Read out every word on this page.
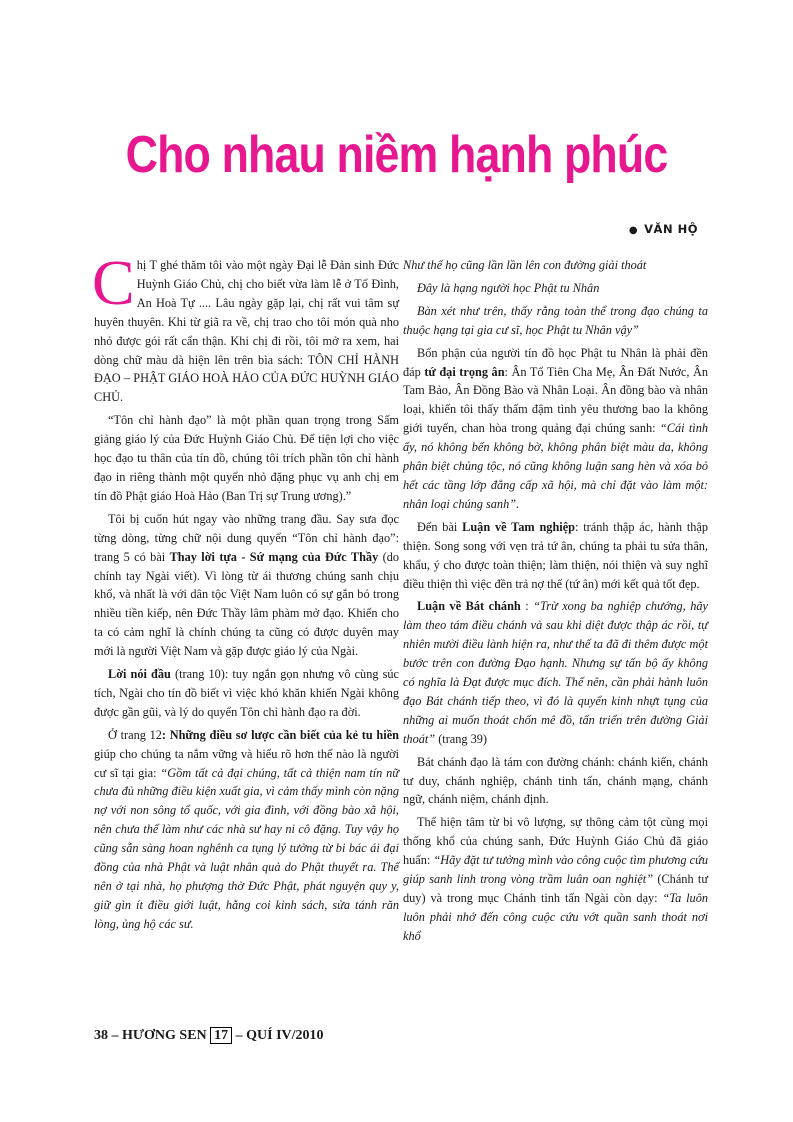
Cho nhau niềm hạnh phúc
● VĂN HỘ

Chị T ghé thăm tôi vào một ngày Đại lễ Đản sinh Đức Huỳnh Giáo Chủ, chị cho biết vừa làm lễ ở Tổ Đình, An Hoà Tự .... Lâu ngày gặp lại, chị rất vui tâm sự huyên thuyên. Khi từ giã ra về, chị trao cho tôi món quà nho nhỏ được gói rất cẩn thận. Khi chị đi rồi, tôi mở ra xem, hai dòng chữ màu dà hiện lên trên bìa sách: TÔN CHỈ HÀNH ĐẠO – PHẬT GIÁO HOÀ HẢO CỦA ĐỨC HUỲNH GIÁO CHỦ.

“Tôn chỉ hành đạo” là một phần quan trọng trong Sấm giảng giáo lý của Đức Huỳnh Giáo Chủ. Để tiện lợi cho việc học đạo tu thân của tín đồ, chúng tôi trích phần tôn chỉ hành đạo in riêng thành một quyển nhỏ đặng phục vụ anh chị em tín đồ Phật giáo Hoà Hảo (Ban Trị sự Trung ương).”

Tôi bị cuốn hút ngay vào những trang đầu. Say sưa đọc từng dòng, từng chữ nội dung quyển “Tôn chỉ hành đạo”: trang 5 có bài Thay lời tựa - Sứ mạng của Đức Thầy (do chính tay Ngài viết). Vì lòng từ ái thương chúng sanh chịu khổ, và nhất là với dân tộc Việt Nam luôn có sự gắn bó trong nhiều tiền kiếp, nên Đức Thầy lâm phàm mở đạo. Khiến cho ta có cảm nghĩ là chính chúng ta cũng có được duyên may mới là người Việt Nam và gặp được giáo lý của Ngài.

Lời nói đầu (trang 10): tuy ngắn gọn nhưng vô cùng súc tích, Ngài cho tín đồ biết vì việc khó khăn khiến Ngài không được gần gũi, và lý do quyển Tôn chỉ hành đạo ra đời.

Ở trang 12: Những điều sơ lược cần biết của kẻ tu hiền giúp cho chúng ta nắm vững và hiểu rõ hơn thế nào là người cư sĩ tại gia: “Gồm tất cả đại chúng, tất cả thiện nam tín nữ chưa đủ những điều kiện xuất gia, vì cảm thấy mình còn nặng nợ với non sông tổ quốc, với gia đình, với đồng bào xã hội, nên chưa thể làm như các nhà sư hay ni cô đặng. Tuy vậy họ cũng sẵn sàng hoan nghênh ca tụng lý tưởng từ bi bác ái đại đồng của nhà Phật và luật nhân quả do Phật thuyết ra. Thế nên ở tại nhà, họ phượng thờ Đức Phật, phát nguyện quy y, giữ gìn ít điều giới luật, hằng coi kinh sách, sửa tánh răn lòng, ủng hộ các sư.

Như thế họ cũng lần lần lên con đường giải thoát

Đây là hạng người học Phật tu Nhân

Bàn xét như trên, thấy rằng toàn thể trong đạo chúng ta thuộc hạng tại gia cư sĩ, học Phật tu Nhân vậy”

Bổn phận của người tín đồ học Phật tu Nhân là phải đền đáp tứ đại trọng ân: Ân Tổ Tiên Cha Mẹ, Ân Đất Nước, Ân Tam Bảo, Ân Đồng Bào và Nhân Loại. Ân đồng bào và nhân loại, khiến tôi thấy thấm đậm tình yêu thương bao la không giới tuyến, chan hòa trong quảng đại chúng sanh: “Cái tình ấy, nó không bến không bờ, không phân biệt màu da, không phân biệt chủng tộc, nó cũng không luận sang hèn và xóa bỏ hết các tầng lớp đẳng cấp xã hội, mà chỉ đặt vào làm một: nhân loại chúng sanh”.

Đến bài Luận về Tam nghiệp: tránh thập ác, hành thập thiện. Song song với vẹn trả tứ ân, chúng ta phải tu sửa thân, khẩu, ý cho được toàn thiện; làm thiện, nói thiện và suy nghĩ điều thiện thì việc đền trả nợ thế (tứ ân) mới kết quả tốt đẹp.

Luận về Bát chánh : “Trừ xong ba nghiệp chướng, hãy làm theo tám điều chánh và sau khi diệt được thập ác rồi, tự nhiên mười điều lành hiện ra, như thế ta đã đi thêm được một bước trên con đường Đạo hạnh. Nhưng sự tấn bộ ấy không có nghĩa là Đạt được mục đích. Thế nên, cần phải hành luôn đạo Bát chánh tiếp theo, vì đó là quyển kinh nhựt tụng của những ai muốn thoát chốn mê đồ, tấn triển trên đường Giải thoát” (trang 39)

Bát chánh đạo là tám con đường chánh: chánh kiến, chánh tư duy, chánh nghiệp, chánh tinh tấn, chánh mạng, chánh ngữ, chánh niệm, chánh định.

Thể hiện tâm từ bi vô lượng, sự thông cảm tột cùng mọi thống khổ của chúng sanh, Đức Huỳnh Giáo Chủ đã giáo huấn: “Hãy đặt tư tưởng mình vào công cuộc tìm phương cứu giúp sanh linh trong vòng trầm luân oan nghiệt” (Chánh tư duy) và trong mục Chánh tinh tấn Ngài còn dạy: “Ta luôn luôn phải nhớ đến công cuộc cứu vớt quần sanh thoát nơi khổ

38 – HƯƠNG SEN 17 – QUÍ IV/2010
